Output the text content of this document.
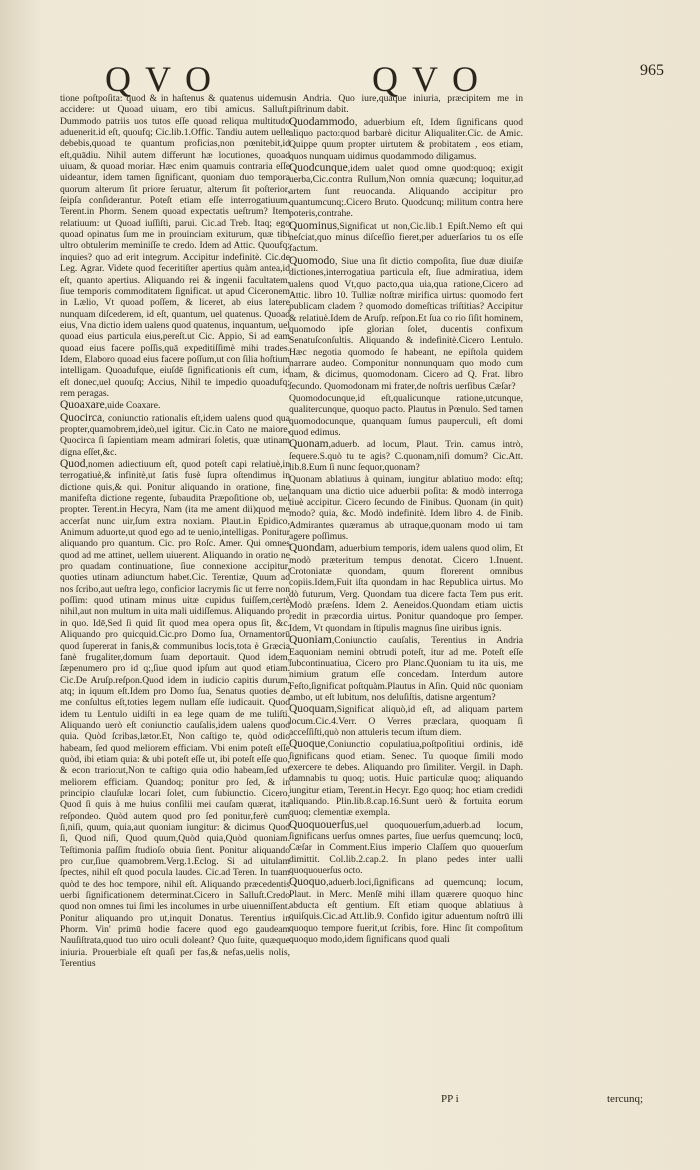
QVO	QVO	965

tione poſtpoſita: quod & in haſtenus & quatenus uidemus accidere: ut Quoad uiuam, ero tibi amicus. Salluſt. Dummodo patriis uos tutos eſſe quoad reliqua multitudo aduenerit.id eſt, quoufq; Cic.lib.1.Offic. Tandiu autem uelle debebis,quoad te quantum proficias,non pœnitebit,id eſt,quādiu. Nihil autem differunt hæ locutiones, quoad uiuam, & quoad moriar. Hæc enim quamuis contraria eſſe uideantur, idem tamen ſignificant, quoniam duo tempora quorum alterum ſit priore ſeruatur, alterum ſit poſterior, ſeipſa conſiderantur. Poteſt etiam eſſe interrogatiuum. Terent.in Phorm. Senem quoad expectatis ueſtrum? Item relatiuum: ut Quoad iuſſiſti, parui. Cic.ad Treb. Itaq; ego quoad opinatus ſum me in prouinciam exiturum, quæ tibi ultro obtulerim meminiſſe te credo. Idem ad Attic. Quoufq; inquies? quo ad erit integrum. Accipitur indefinitè. Cic.de Leg. Agrar. Videte quod feceritiſter apertius quàm antea,id eſt, quanto apertius. Aliquando rei & ingenii facultatem, ſiue temporis commoditatem ſignificat. ut apud Ciceronem in Lælio, Vt quoad poſſem, & liceret, ab eius latere nunquam diſcederem, id eſt, quantum, uel quatenus. Quoad eius, Vna dictio idem ualens quod quatenus, inquantum, uel quoad eius particula eius,pereſt.ut Cic. Appio, Si ad eam quoad eius facere poſſis,quā expeditiſſimè mihi trades. Idem, Elaboro quoad eius facere poſſum,ut con ſilia hoſtium intelligam. Quoadufque, eiuſdē ſignificationis eſt cum, id eſt donec,uel quouſq; Accius, Nihil te impedio quoadufq; rem peragas.

Quoaxare,uide Coaxare.

Quocirca, coniunctio rationalis eſt,idem ualens quod qua propter,quamobrem,ideò,uel igitur. Cic.in Cato ne maiore, Quocirca ſi ſapientiam meam admirari ſoletis, quæ utinam digna eſſet,&c.

Quod,nomen adiectiuum eſt, quod poteſt capi relatiuè,in terrogatiuè,& infinitè,ut ſatis fusè ſupra oſtendimus in dictione quis,& qui. Ponitur aliquando in oratione, fine manifeſta dictione regente, ſubaudita Præpoſitione ob, uel propter. Terent.in Hecyra, Nam (ita me ament dii)quod me accerſat nunc uir,ſum extra noxiam. Plaut.in Epidico, Animum aduorte,ut quod ego ad te uenio,intelligas. Ponitur aliquando pro quantum. Cic. pro Roſc. Amer. Qui omnes quod ad me attinet, uellem uiuerent. Aliquando in oratio ne pro quadam continuatione, ſiue connexione accipitur, quoties utinam adiunctum habet.Cic. Terentiæ, Quum ad nos ſcribo,aut ueſtra lego, conficior lacrymis ſic ut ferre non poſſim: quod utinam minus uitæ cupidus fuiſſem,certè nihil,aut non multum in uita mali uidiſſemus. Aliquando pro in quo. Idē,Sed ſi quid ſit quod mea opera opus ſit, &c. Aliquando pro quicquid.Cic.pro Domo ſua, Ornamentorū quod ſupererat in fanis,& communibus locis,tota è Græcia fanè frugaliter,domum ſuam deportauit. Quod idem, ſæpenumero pro id q;,ſiue quod ipſum aut quod etiam. Cic.De Aruſp.reſpon.Quod idem in iudicio capitis durum, atq; in iquum eſt.Idem pro Domo ſua, Senatus quoties de me conſultus eſt,toties legem nullam eſſe iudicauit. Quod idem tu Lentulo uidiſti in ea lege quam de me tuliſti. Aliquando uerò eſt coniunctio cauſalis,idem ualens quod quia. Quòd ſcribas,lætor.Et, Non caſtigo te, quòd odio habeam, ſed quod meliorem efficiam. Vbi enim poteſt eſſe quòd, ibi etiam quia: & ubi poteſt eſſe ut, ibi poteſt eſſe quo, & econ trario:ut,Non te caſtigo quia odio habeam,ſed ut meliorem efficiam. Quandoq; ponitur pro ſed, & in principio clauſulæ locari ſolet, cum ſubiunctio. Cicero, Quod ſi quis à me huius conſilii mei cauſam quærat, ita reſpondeo. Quòd autem quod pro ſed ponitur,ferè cum ſi,niſi, quum, quia,aut quoniam iungitur: & dicimus Quod ſi, Quod niſi, Quod quum,Quòd quia,Quòd quoniam. Teſtimonia paſſim ſtudioſo obuia ſient. Ponitur aliquando pro cur,ſiue quamobrem.Verg.1.Eclog. Si ad uitulam ſpectes, nihil eſt quod pocula laudes. Cic.ad Teren. In tuam quòd te des hoc tempore, nihil eſt. Aliquando præcedentis uerbi ſignificationem determinat.Cicero in Salluſt.Credo quod non omnes tui ſimi les incolumes in urbe uiuenniſſent. Ponitur aliquando pro ut,inquit Donatus. Terentius in Phorm. Vin' primū hodie facere quod ego gaudeam Nauſiſtrata,quod tuo uiro oculi doleant? Quo ſuite, quæque iniuria. Prouerbiale eſt quaſi per fas,& nefas,uelis nolis, Terentius

in Andria. Quo iure,quaque iniuria, præcipitem me in piſtrinum dabit.

Quodammodo, aduerbium eſt, Idem ſignificans quod aliquo pacto:quod barbarè dicitur Aliqualiter.Cic. de Amic. Quippe quum propter uirtutem & probitatem , eos etiam, quos nunquam uidimus quodammodo diligamus.

Quodcunque,idem ualet quod omne quod:quoq; exigit uerba,Cic.contra Rullum,Non omnia quæcunq; loquitur,ad artem ſunt reuocanda. Aliquando accipitur pro quantumcunq;.Cicero Bruto. Quodcunq; militum contra here poteris,contrahe.

Quominus,Significat ut non,Cic.lib.1 Epiſt.Nemo eſt qui neſciat,quo minus diſceſſio fieret,per aduerſarios tu os eſſe factum.

Quomodo, Siue una ſit dictio compoſita, ſiue duæ diuiſæ dictiones,interrogatiua particula eſt, ſiue admiratiua, idem ualens quod Vt,quo pacto,qua uia,qua ratione,Cicero ad Attic. libro 10. Tulliæ noſtræ mirifica uirtus: quomodo fert publicam cladem ? quomodo domeſticas triſtitias? Accipitur & relatiuè.Idem de Aruſp. reſpon.Et ſua co rio ſiſit hominem, quomodo ipſe glorian ſolet, ducentis confixum Senatuſconſultis. Aliquando & indefinitè.Cicero Lentulo. Hæc negotia quomodo ſe habeant, ne epiſtola quidem narrare audeo. Componitur nonnunquam quo modo cum nam, & dicimus, quomodonam. Cicero ad Q. Frat. libro ſecundo. Quomodonam mi frater,de noſtris uerſibus Cæſar?

Quomodocunque,id eſt,qualicunque ratione,utcunque, qualitercunque, quoquo pacto. Plautus in Pœnulo. Sed tamen quomodocunque, quanquam ſumus pauperculi, eſt domi quod edimus.

Quonam,aduerb. ad locum, Plaut. Trin. camus intrò, ſequere.S.quò tu te agis? C.quonam,niſi domum? Cic.Att. lib.8.Eum ſi nunc ſequor,quonam?

Quonam ablatiuus à quinam, iungitur ablatiuo modo: eſtq; tanquam una dictio uice aduerbii poſita: & modò interroga tiuè accipitur. Cicero ſecundo de Finibus. Quonam (in quit) modo? quia, &c. Modò indefinitè. Idem libro 4. de Finib. Admirantes quæramus ab utraque,quonam modo ui tam agere poſſimus.

Quondam, aduerbium temporis, idem ualens quod olim, Et modò præteritum tempus denotat. Cicero 1.Inuent. Crotoniatæ quondam, quum florerent omnibus copiis.Idem,Fuit iſta quondam in hac Republica uirtus. Mo dò futurum, Verg. Quondam tua dicere facta Tem pus erit. Modò præſens. Idem 2. Aeneidos.Quondam etiam uictis redit in præcordia uirtus. Ponitur quandoque pro ſemper. Idem, Vt quondam in ſtipulis magnus ſine uiribus ignis.

Quoniam,Coniunctio cauſalis, Terentius in Andria Eaquoniam nemini obtrudi poteſt, itur ad me. Poteſt eſſe ſubcontinuatiua, Cicero pro Planc.Quoniam tu ita uis, me nimium gratum eſſe concedam. Interdum autore Feſto,ſignificat poſtquàm.Plautus in Aſin. Quid nūc quoniam ambo, ut eſt lubitum, nos deluſiſtis, datisne argentum?

Quoquam,Significat aliquò,id eſt, ad aliquam partem locum.Cic.4.Verr. O Verres præclara, quoquam ſi acceſſiſti,quò non attuleris tecum iſtum diem.

Quoque,Coniunctio copulatiua,poſtpoſitiui ordinis, idē ſignificans quod etiam. Senec. Tu quoque ſimili modo exercere te debes. Aliquando pro ſimiliter. Vergil. in Daph. damnabis tu quoq; uotis. Huic particulæ quoq; aliquando iungitur etiam, Terent.in Hecyr. Ego quoq; hoc etiam credidi aliquando. Plin.lib.8.cap.16.Sunt uerò & fortuita eorum quoq; clementiæ exempla.

Quoquouerſus,uel quoquouerſum,aduerb.ad locum, ſignificans uerſus omnes partes, ſiue uerſus quemcunq; locū, Cæſar in Comment.Eius imperio Claſſem quo quouerſum dimittit. Col.lib.2.cap.2. In plano pedes inter ualli quoquouerſus octo.

Quoquo,aduerb.loci,ſignificans ad quemcunq; locum, Plaut. in Merc. Menſē mihi illam quærere quoquo hinc abducta eſt gentium. Eſt etiam quoque ablatiuus à quiſquis.Cic.ad Att.lib.9. Confido igitur aduentum noſtrū illi quoquo tempore fuerit,ut ſcribis, fore. Hinc ſit compoſitum quoquo modo,idem ſignificans quod quali

PP i	tercunq;
